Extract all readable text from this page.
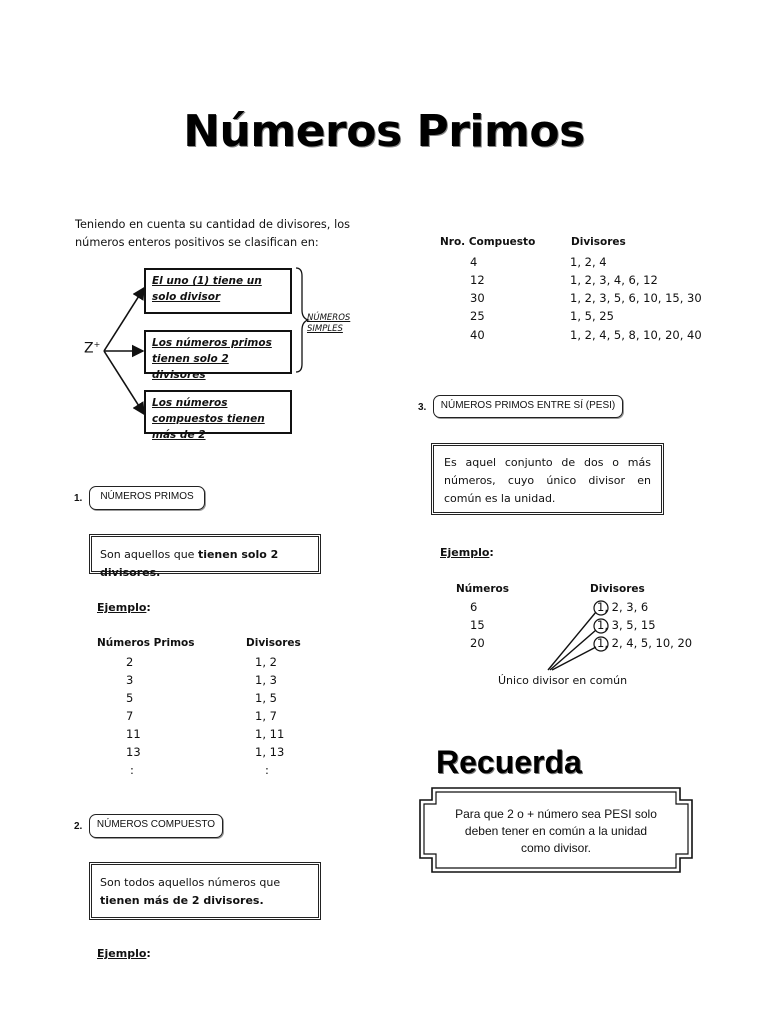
Números Primos
Teniendo en cuenta su cantidad de divisores, los números enteros positivos se clasifican en:
Z+
El uno (1) tiene un solo divisor
Los números primos tienen solo 2 divisores
Los números compuestos tienen más de 2
NÚMEROS
SIMPLES
Nro. Compuesto	Divisores
4	1, 2, 4
12	1, 2, 3, 4, 6, 12
30	1, 2, 3, 5, 6, 10, 15, 30
25	1, 5, 25
40	1, 2, 4, 5, 8, 10, 20, 40
3.	NÚMEROS PRIMOS ENTRE SÍ (PESI)
Es aquel conjunto de dos o más números, cuyo único divisor en común es la unidad.
Ejemplo:
Números	Divisores
6	1, 2, 3, 6
15	1, 3, 5, 15
20	1, 2, 4, 5, 10, 20
Único divisor en común
Recuerda
Para que 2 o + número sea PESI solo deben tener en común a la unidad como divisor.
1.	NÚMEROS PRIMOS
Son aquellos que tienen solo 2 divisores.
Ejemplo:
Números Primos	Divisores
2	1, 2
3	1, 3
5	1, 5
7	1, 7
11	1, 11
13	1, 13
:	:
2.	NÚMEROS COMPUESTO
Son todos aquellos números que tienen más de 2 divisores.
Ejemplo:
